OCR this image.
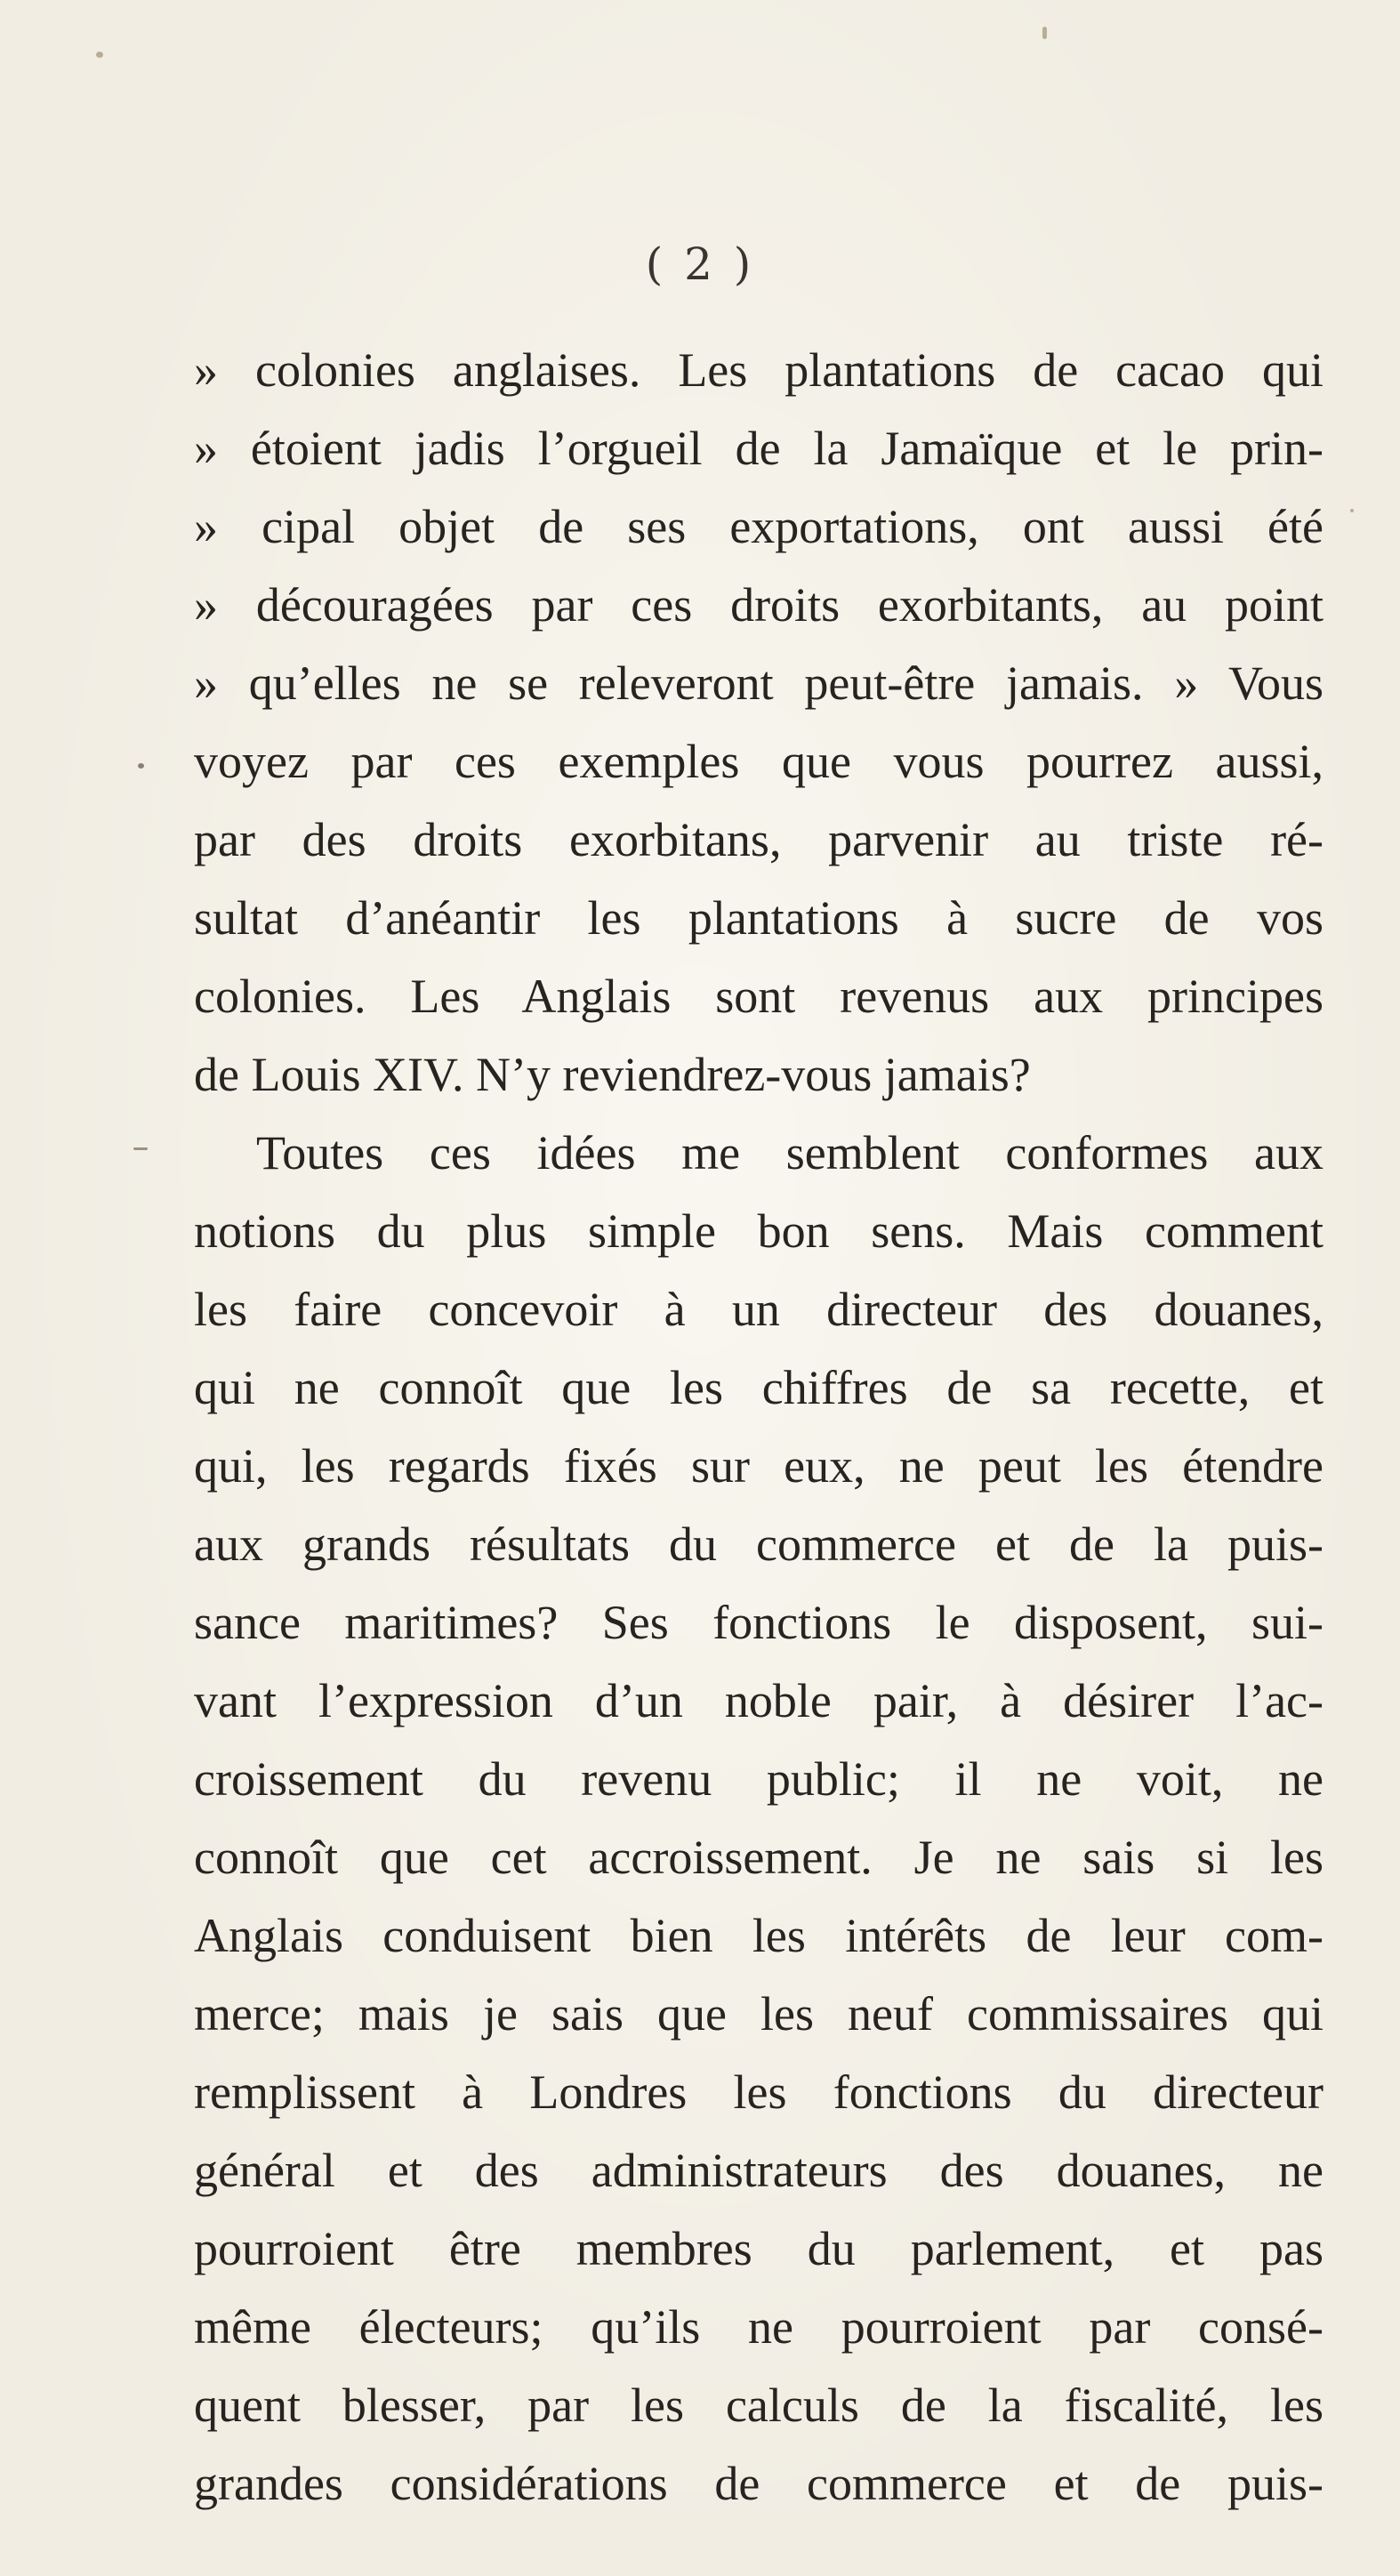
( 2 )
» colonies anglaises. Les plantations de cacao qui
» étoient jadis l’orgueil de la Jamaïque et le prin-
» cipal objet de ses exportations, ont aussi été
» découragées par ces droits exorbitants, au point
» qu’elles ne se releveront peut-être jamais. » Vous
voyez par ces exemples que vous pourrez aussi,
par des droits exorbitans, parvenir au triste ré-
sultat d’anéantir les plantations à sucre de vos
colonies. Les Anglais sont revenus aux principes
de Louis XIV. N’y reviendrez-vous jamais?
Toutes ces idées me semblent conformes aux
notions du plus simple bon sens. Mais comment
les faire concevoir à un directeur des douanes,
qui ne connoît que les chiffres de sa recette, et
qui, les regards fixés sur eux, ne peut les étendre
aux grands résultats du commerce et de la puis-
sance maritimes? Ses fonctions le disposent, sui-
vant l’expression d’un noble pair, à désirer l’ac-
croissement du revenu public; il ne voit, ne
connoît que cet accroissement. Je ne sais si les
Anglais conduisent bien les intérêts de leur com-
merce; mais je sais que les neuf commissaires qui
remplissent à Londres les fonctions du directeur
général et des administrateurs des douanes, ne
pourroient être membres du parlement, et pas
même électeurs; qu’ils ne pourroient par consé-
quent blesser, par les calculs de la fiscalité, les
grandes considérations de commerce et de puis-
